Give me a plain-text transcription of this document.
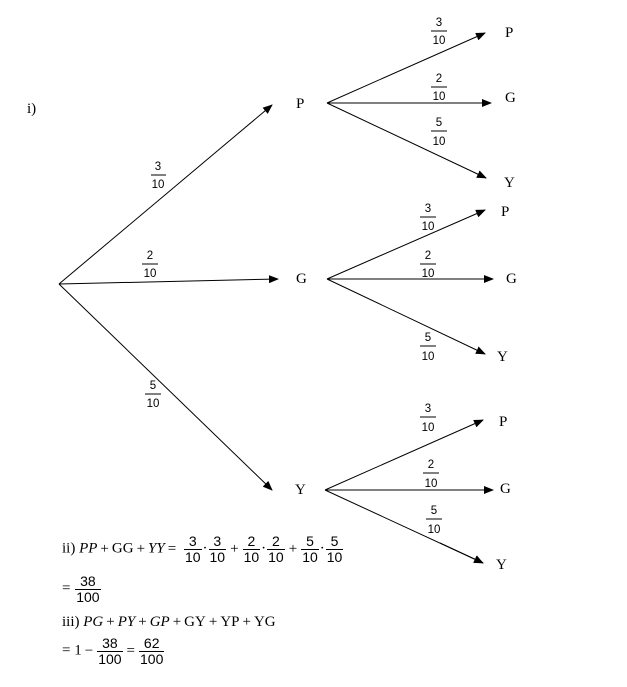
i)
3
10
2
10
5
10
P
G
Y
3
10
2
10
5
10
P
G
Y
3
10
2
10
5
10
P
G
Y
3
10
2
10
5
10
P
G
Y
ii) PP + GG + YY = $\frac{3}{10} \cdot \frac{3}{10} + \frac{2}{10} \cdot \frac{2}{10} + \frac{5}{10} \cdot \frac{5}{10}$
= $\frac{38}{100}$
iii) PG + PY + GP + GY + YP + YG
= $1 - \frac{38}{100} = \frac{62}{100}$
